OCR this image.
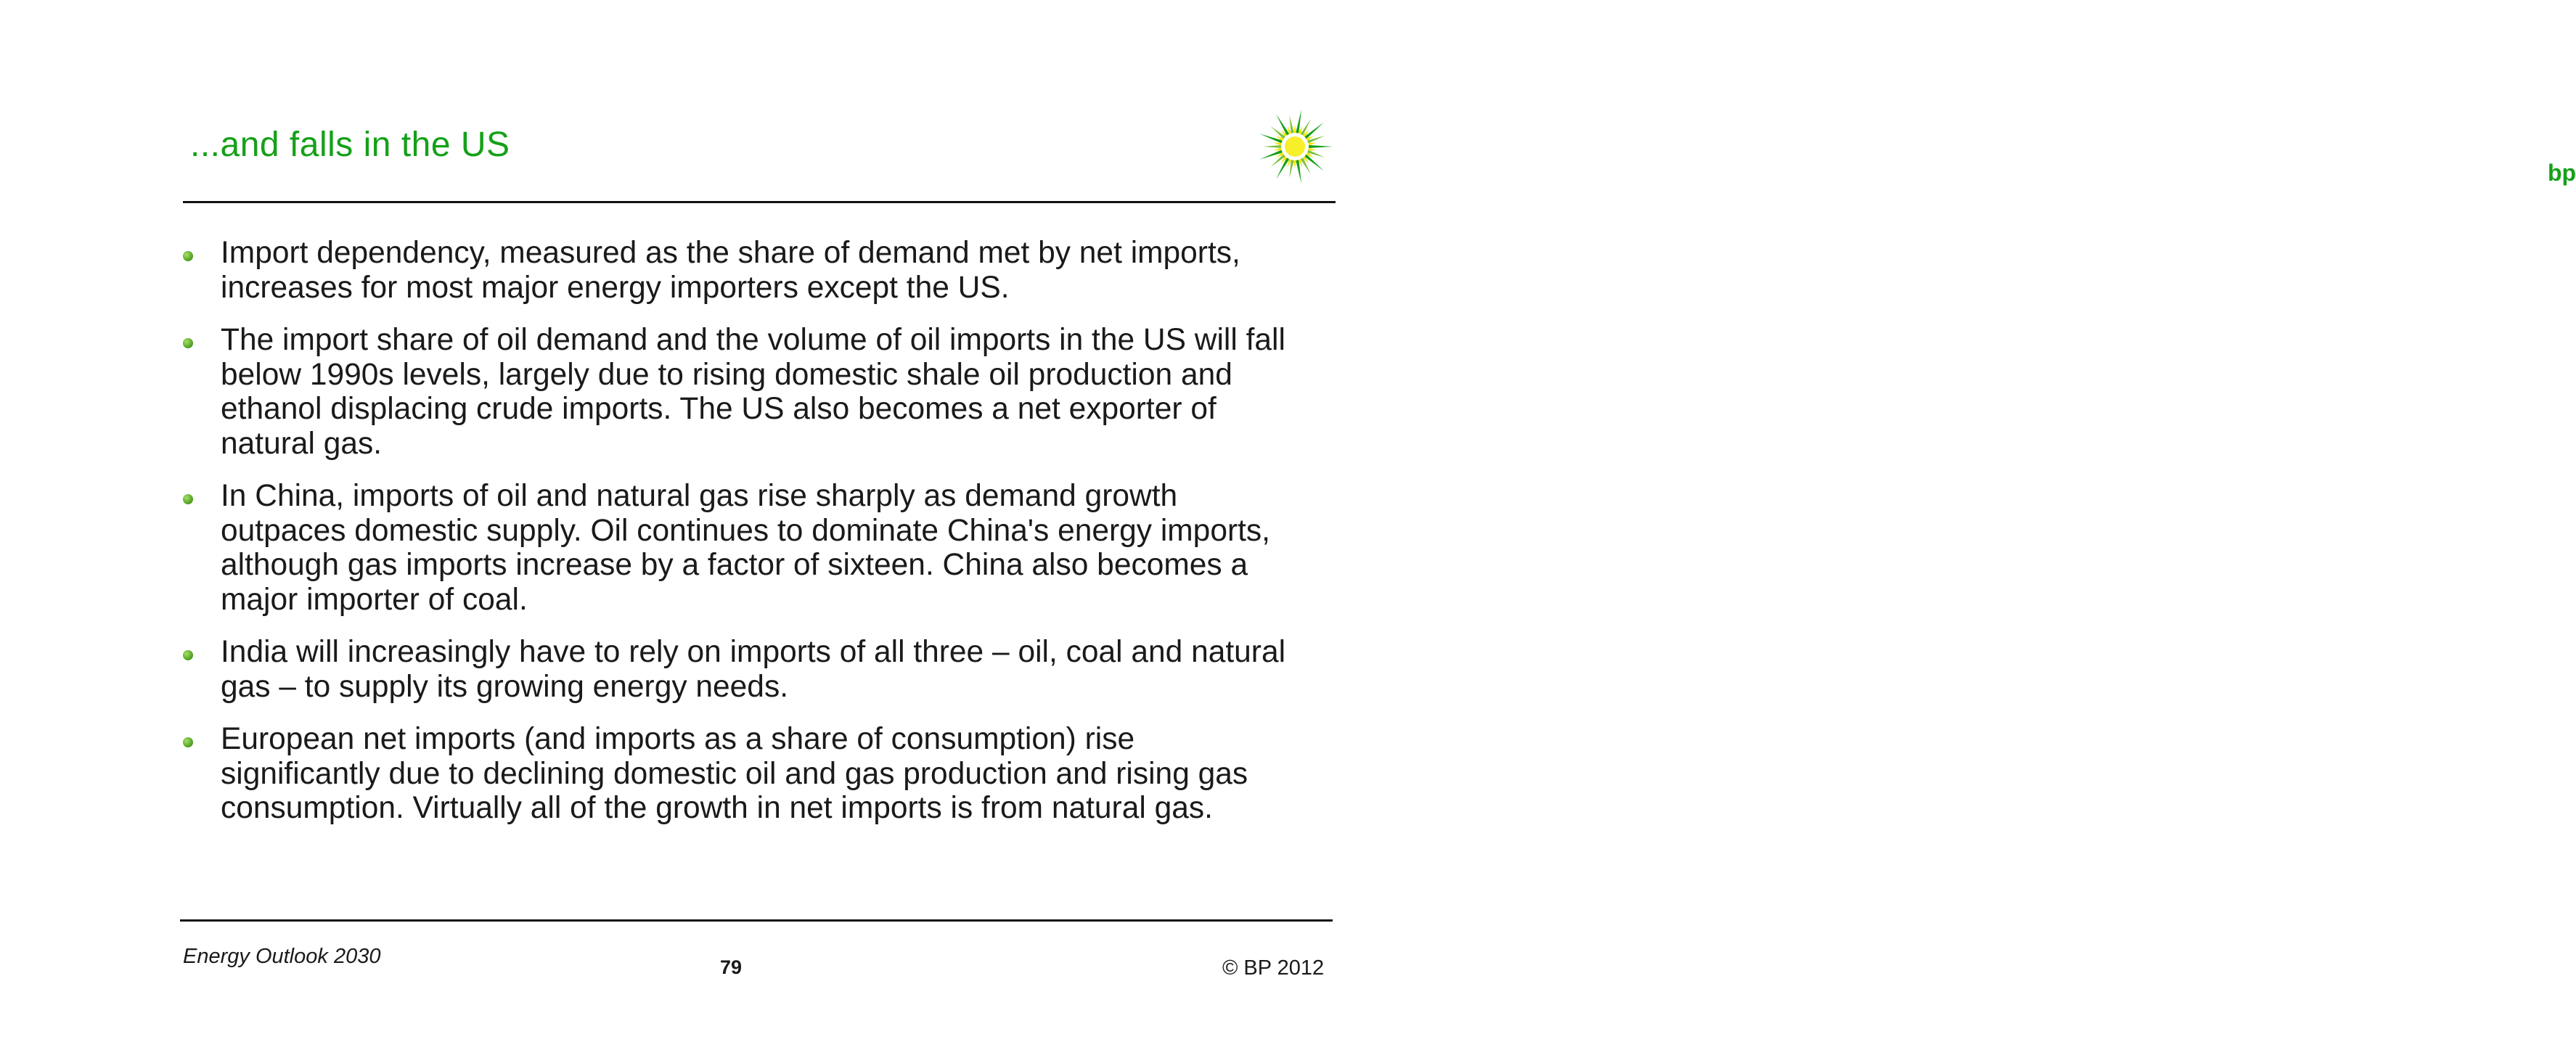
...and falls in the US
bp
Import dependency, measured as the share of demand met by net imports, increases for most major energy importers except the US.
The import share of oil demand and the volume of oil imports in the US will fall below 1990s levels, largely due to rising domestic shale oil production and ethanol displacing crude imports. The US also becomes a net exporter of natural gas.
In China, imports of oil and natural gas rise sharply as demand growth outpaces domestic supply. Oil continues to dominate China's energy imports, although gas imports increase by a factor of sixteen. China also becomes a major importer of coal.
India will increasingly have to rely on imports of all three – oil, coal and natural gas – to supply its growing energy needs.
European net imports (and imports as a share of consumption) rise significantly due to declining domestic oil and gas production and rising gas consumption. Virtually all of the growth in net imports is from natural gas.
Energy Outlook 2030	79	© BP 2012
